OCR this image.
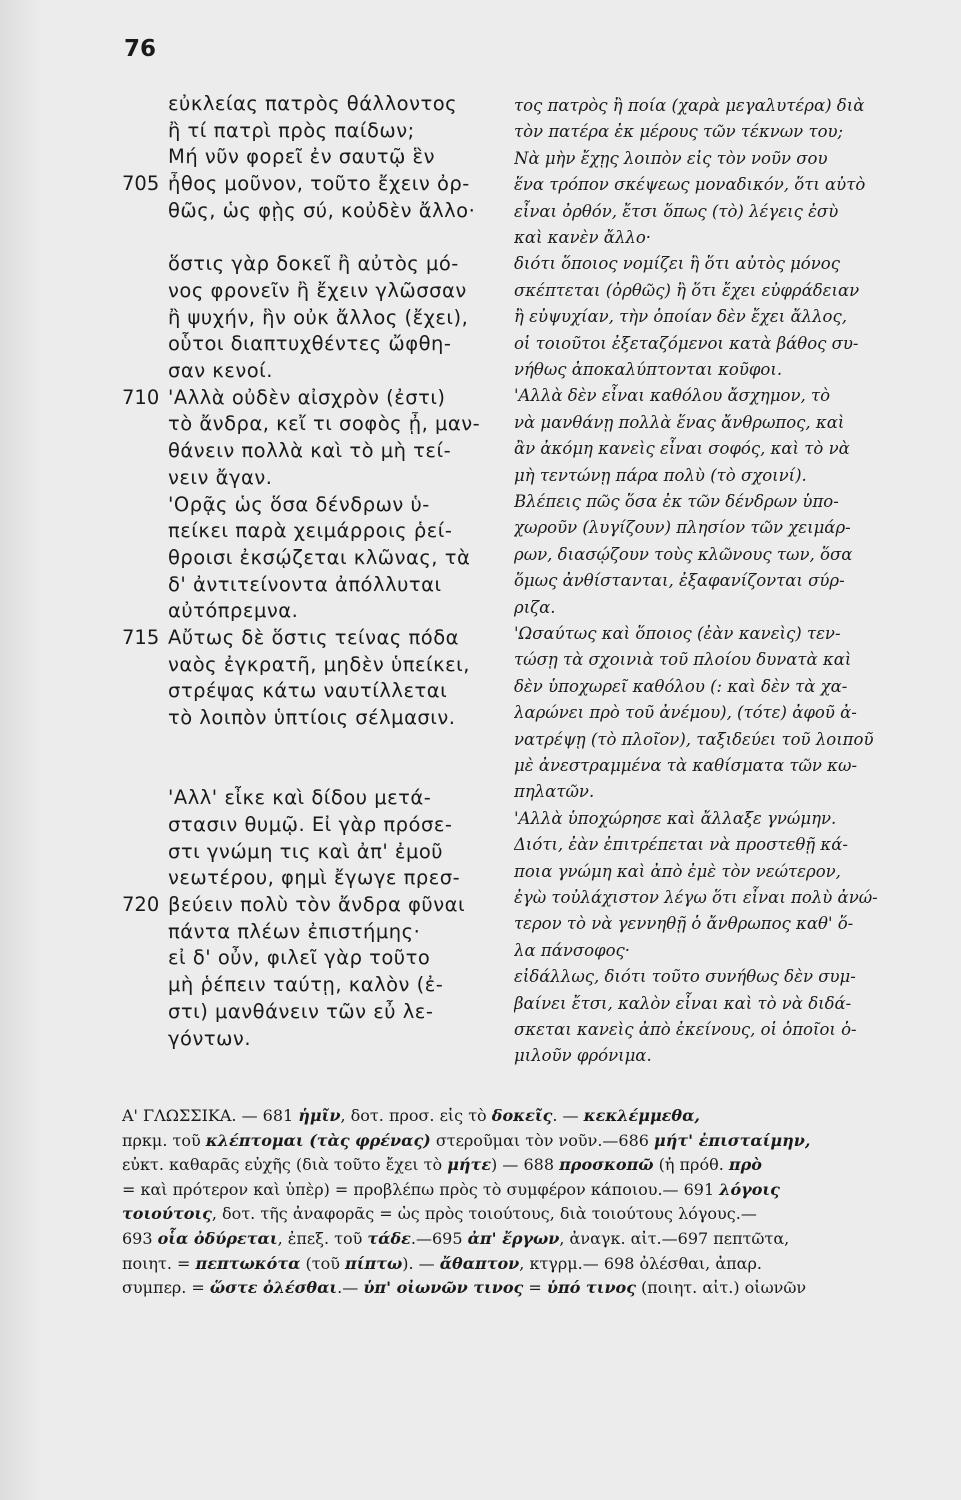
76
εὐκλείας πατρὸς θάλλοντος
ἢ τί πατρὶ πρὸς παίδων;
Μή νῦν φορεῖ ἐν σαυτῷ ἓν
ἦθος μοῦνον, τοῦτο ἔχειν ὀρ-
θῶς, ὡς φῂς σύ, κοὐδὲν ἄλλο·
ὅστις γὰρ δοκεῖ ἢ αὐτὸς μό-
νος φρονεῖν ἢ ἔχειν γλῶσσαν
ἢ ψυχήν, ἣν οὐκ ἄλλος (ἔχει),
οὗτοι διαπτυχθέντες ὤφθη-
σαν κενοί.
'Αλλὰ οὐδὲν αἰσχρὸν (ἐστι)
τὸ ἄνδρα, κεἴ τι σοφὸς ᾖ, μαν-
θάνειν πολλὰ καὶ τὸ μὴ τεί-
νειν ἄγαν.
'Ορᾷς ὡς ὅσα δένδρων ὑ-
πείκει παρὰ χειμάρροις ῥεί-
θροισι ἐκσῴζεται κλῶνας, τὰ
δ' ἀντιτείνοντα ἀπόλλυται
αὐτόπρεμνα.
Αὔτως δὲ ὅστις τείνας πόδα
ναὸς ἐγκρατῆ, μηδὲν ὑπείκει,
στρέψας κάτω ναυτίλλεται
τὸ λοιπὸν ὑπτίοις σέλμασιν.
'Αλλ' εἶκε καὶ δίδου μετά-
στασιν θυμῷ. Εἰ γὰρ πρόσε-
στι γνώμη τις καὶ ἀπ' ἐμοῦ
νεωτέρου, φημὶ ἔγωγε πρεσ-
βεύειν πολὺ τὸν ἄνδρα φῦναι
πάντα πλέων ἐπιστήμης·
εἰ δ' οὖν, φιλεῖ γὰρ τοῦτο
μὴ ῥέπειν ταύτῃ, καλὸν (ἐ-
στι) μανθάνειν τῶν εὖ λε-
γόντων.
705
710
715
720
τος πατρὸς ἢ ποία (χαρὰ μεγαλυτέρα) διὰ
τὸν πατέρα ἐκ μέρους τῶν τέκνων του;
Νὰ μὴν ἔχῃς λοιπὸν εἰς τὸν νοῦν σου
ἕνα τρόπον σκέψεως μοναδικόν, ὅτι αὐτὸ
εἶναι ὀρθόν, ἔτσι ὅπως (τὸ) λέγεις ἐσὺ
καὶ κανὲν ἄλλο·
διότι ὅποιος νομίζει ἢ ὅτι αὐτὸς μόνος
σκέπτεται (ὀρθῶς) ἢ ὅτι ἔχει εὐφράδειαν
ἢ εὐψυχίαν, τὴν ὁποίαν δὲν ἔχει ἄλλος,
οἱ τοιοῦτοι ἐξεταζόμενοι κατὰ βάθος συ-
νήθως ἀποκαλύπτονται κοῦφοι.
'Αλλὰ δὲν εἶναι καθόλου ἄσχημον, τὸ
νὰ μανθάνῃ πολλὰ ἕνας ἄνθρωπος, καὶ
ἂν ἀκόμη κανεὶς εἶναι σοφός, καὶ τὸ νὰ
μὴ τεντώνῃ πάρα πολὺ (τὸ σχοινί).
Βλέπεις πῶς ὅσα ἐκ τῶν δένδρων ὑπο-
χωροῦν (λυγίζουν) πλησίον τῶν χειμάρ-
ρων, διασῴζουν τοὺς κλῶνους των, ὅσα
ὅμως ἀνθίστανται, ἐξαφανίζονται σύρ-
ριζα.
'Ωσαύτως καὶ ὅποιος (ἐὰν κανεὶς) τεν-
τώσῃ τὰ σχοινιὰ τοῦ πλοίου δυνατὰ καὶ
δὲν ὑποχωρεῖ καθόλου (: καὶ δὲν τὰ χα-
λαρώνει πρὸ τοῦ ἀνέμου), (τότε) ἀφοῦ ἀ-
νατρέψῃ (τὸ πλοῖον), ταξιδεύει τοῦ λοιποῦ
μὲ ἀνεστραμμένα τὰ καθίσματα τῶν κω-
πηλατῶν.
'Αλλὰ ὑποχώρησε καὶ ἄλλαξε γνώμην.
Διότι, ἐὰν ἐπιτρέπεται νὰ προστεθῇ κά-
ποια γνώμη καὶ ἀπὸ ἐμὲ τὸν νεώτερον,
ἐγὼ τοὐλάχιστον λέγω ὅτι εἶναι πολὺ ἀνώ-
τερον τὸ νὰ γεννηθῇ ὁ ἄνθρωπος καθ' ὅ-
λα πάνσοφος·
εἰδάλλως, διότι τοῦτο συνήθως δὲν συμ-
βαίνει ἔτσι, καλὸν εἶναι καὶ τὸ νὰ διδά-
σκεται κανεὶς ἀπὸ ἐκείνους, οἱ ὁποῖοι ὁ-
μιλοῦν φρόνιμα.
Α' ΓΛΩΣΣΙΚΑ. — 681 ἡμῖν, δοτ. προσ. εἰς τὸ δοκεῖς. — κεκλέμμεθα,
πρκμ. τοῦ κλέπτομαι (τὰς φρένας) στεροῦμαι τὸν νοῦν.—686 μήτ' ἐπισταίμην,
εὐκτ. καθαρᾶς εὐχῆς (διὰ τοῦτο ἔχει τὸ μήτε) — 688 προσκοπῶ (ἡ πρόθ. πρὸ
= καὶ πρότερον καὶ ὑπὲρ) = προβλέπω πρὸς τὸ συμφέρον κάποιου.— 691 λόγοις
τοιούτοις, δοτ. τῆς ἀναφορᾶς = ὡς πρὸς τοιούτους, διὰ τοιούτους λόγους.—
693 οἷα ὀδύρεται, ἐπεξ. τοῦ τάδε.—695 ἀπ' ἔργων, ἀναγκ. αἰτ.—697 πεπτῶτα,
ποιητ. = πεπτωκότα (τοῦ πίπτω). — ἄθαπτον, κτγρμ.— 698 ὀλέσθαι, ἀπαρ.
συμπερ. = ὥστε ὀλέσθαι.— ὑπ' οἰωνῶν τινος = ὑπό τινος (ποιητ. αἰτ.) οἰωνῶν
